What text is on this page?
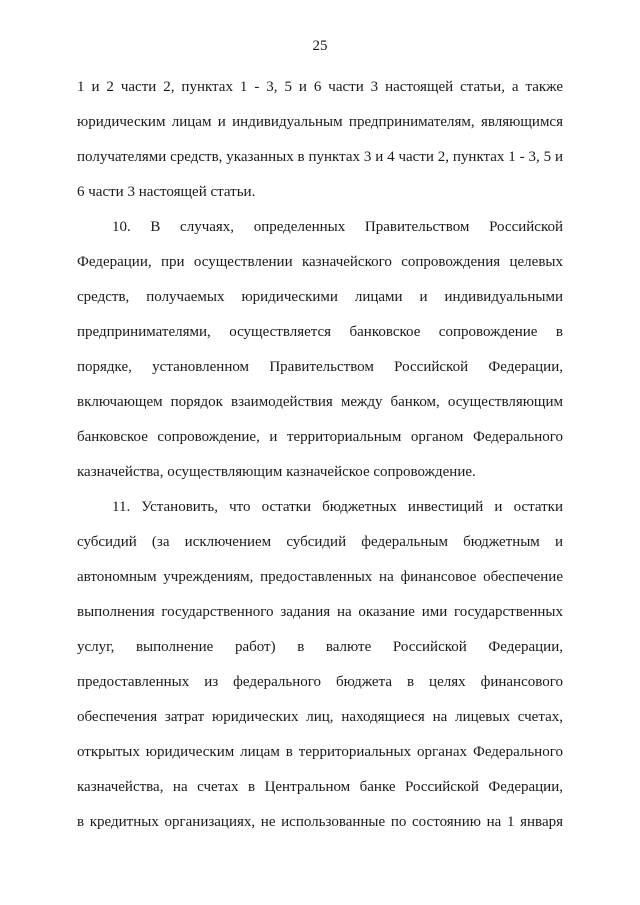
25
1 и 2 части 2, пунктах 1 - 3, 5 и 6 части 3 настоящей статьи, а также
юридическим лицам и индивидуальным предпринимателям, являющимся
получателями средств, указанных в пунктах 3 и 4 части 2, пунктах 1 - 3, 5 и
6 части 3 настоящей статьи.
10. В случаях, определенных Правительством Российской
Федерации, при осуществлении казначейского сопровождения целевых
средств, получаемых юридическими лицами и индивидуальными
предпринимателями, осуществляется банковское сопровождение в
порядке, установленном Правительством Российской Федерации,
включающем порядок взаимодействия между банком, осуществляющим
банковское сопровождение, и территориальным органом Федерального
казначейства, осуществляющим казначейское сопровождение.
11. Установить, что остатки бюджетных инвестиций и остатки
субсидий (за исключением субсидий федеральным бюджетным и
автономным учреждениям, предоставленных на финансовое обеспечение
выполнения государственного задания на оказание ими государственных
услуг, выполнение работ) в валюте Российской Федерации,
предоставленных из федерального бюджета в целях финансового
обеспечения затрат юридических лиц, находящиеся на лицевых счетах,
открытых юридическим лицам в территориальных органах Федерального
казначейства, на счетах в Центральном банке Российской Федерации,
в кредитных организациях, не использованные по состоянию на 1 января
